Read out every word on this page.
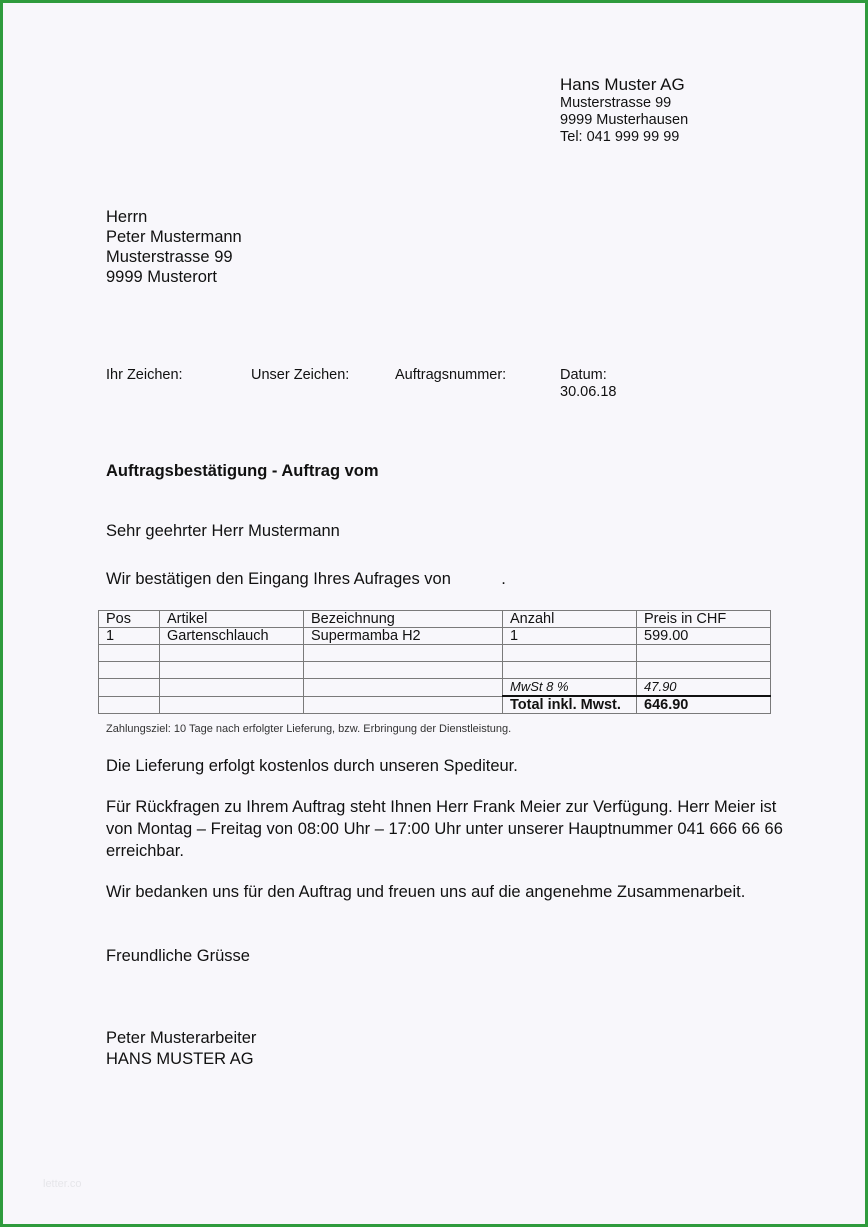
Hans Muster AG
Musterstrasse 99
9999 Musterhausen
Tel: 041 999 99 99
Herrn
Peter Mustermann
Musterstrasse 99
9999 Musterort
Ihr Zeichen:	Unser Zeichen:	Auftragsnummer:	Datum:
30.06.18
Auftragsbestätigung - Auftrag vom
Sehr geehrter Herr Mustermann
Wir bestätigen den Eingang Ihres Aufrages von           .
Pos	Artikel	Bezeichnung	Anzahl	Preis in CHF
1	Gartenschlauch	Supermamba H2	1	599.00

			MwSt 8 %	47.90
			Total inkl. Mwst.	646.90
Zahlungsziel: 10 Tage nach erfolgter Lieferung, bzw. Erbringung der Dienstleistung.
Die Lieferung erfolgt kostenlos durch unseren Spediteur.
Für Rückfragen zu Ihrem Auftrag steht Ihnen Herr Frank Meier zur Verfügung. Herr Meier ist
von Montag – Freitag von 08:00 Uhr – 17:00 Uhr unter unserer Hauptnummer 041 666 66 66
erreichbar.
Wir bedanken uns für den Auftrag und freuen uns auf die angenehme Zusammenarbeit.
Freundliche Grüsse
Peter Musterarbeiter
HANS MUSTER AG
letter.co
